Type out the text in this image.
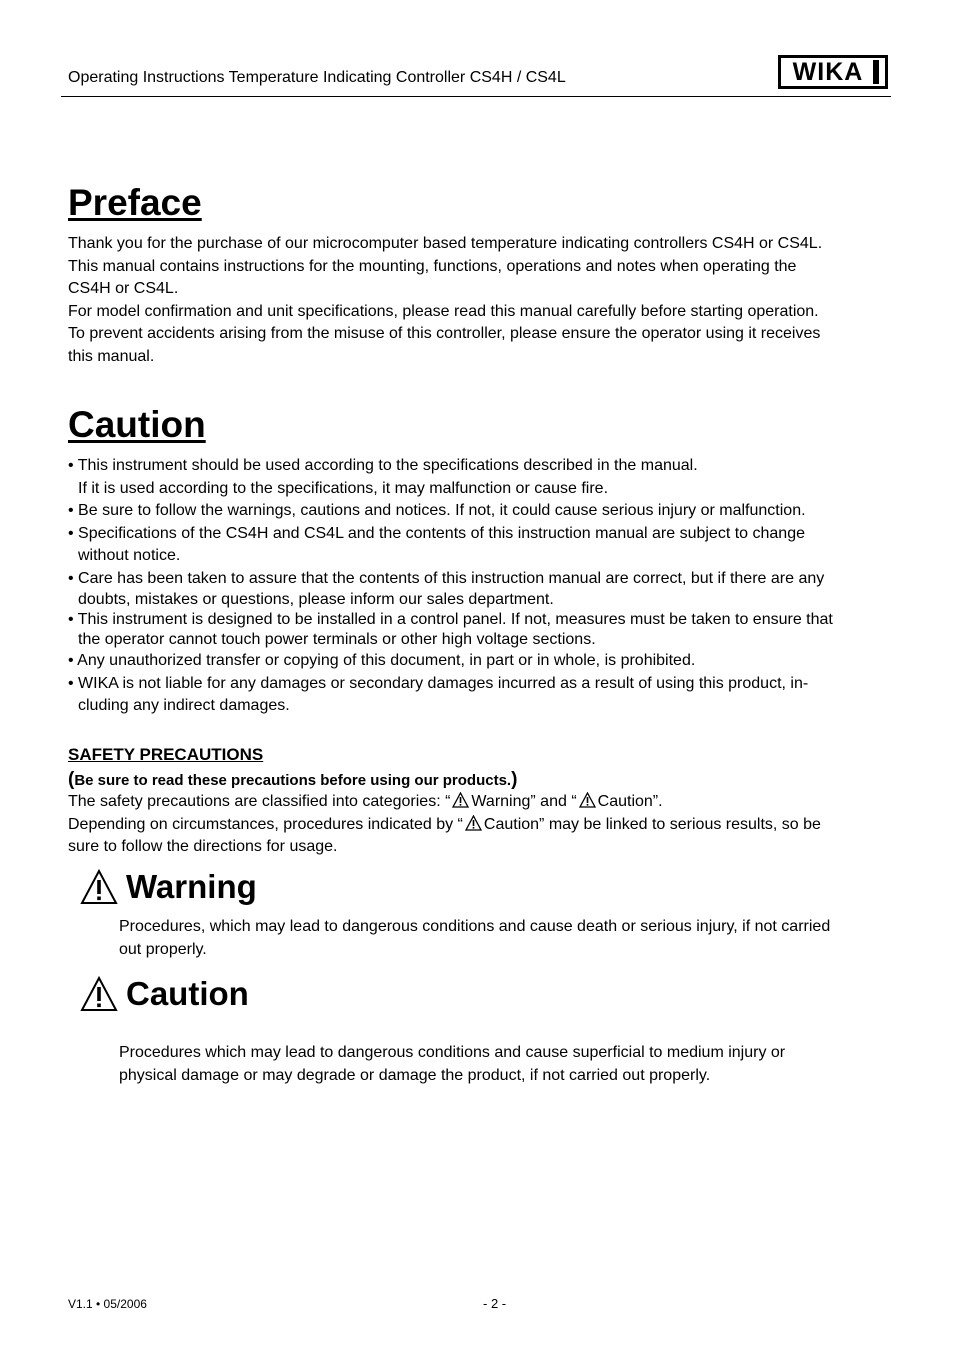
Operating Instructions Temperature Indicating Controller CS4H / CS4L	WIKA
Preface

Thank you for the purchase of our microcomputer based temperature indicating controllers CS4H or CS4L.

This manual contains instructions for the mounting, functions, operations and notes when operating the

CS4H or CS4L.

For model confirmation and unit specifications, please read this manual carefully before starting operation.

To prevent accidents arising from the misuse of this controller, please ensure the operator using it receives

this manual.

Caution

• This instrument should be used according to the specifications described in the manual.

If it is used according to the specifications, it may malfunction or cause fire.

• Be sure to follow the warnings, cautions and notices. If not, it could cause serious injury or malfunction.

• Specifications of the CS4H and CS4L and the contents of this instruction manual are subject to change

without notice.

• Care has been taken to assure that the contents of this instruction manual are correct, but if there are any

doubts, mistakes or questions, please inform our sales department.

• This instrument is designed to be installed in a control panel. If not, measures must be taken to ensure that

the operator cannot touch power terminals or other high voltage sections.

• Any unauthorized transfer or copying of this document, in part or in whole, is prohibited.

• WIKA is not liable for any damages or secondary damages incurred as a result of using this product, in-

cluding any indirect damages.

SAFETY PRECAUTIONS
(Be sure to read these precautions before using our products.)

The safety precautions are classified into categories: “ Warning” and “ Caution”.

Depending on circumstances, procedures indicated by “ Caution” may be linked to serious results, so be

sure to follow the directions for usage.

Warning
Procedures, which may lead to dangerous conditions and cause death or serious injury, if not carried
out properly.
Caution
Procedures which may lead to dangerous conditions and cause superficial to medium injury or
physical damage or may degrade or damage the product, if not carried out properly.
V1.1 • 05/2006	- 2 -
